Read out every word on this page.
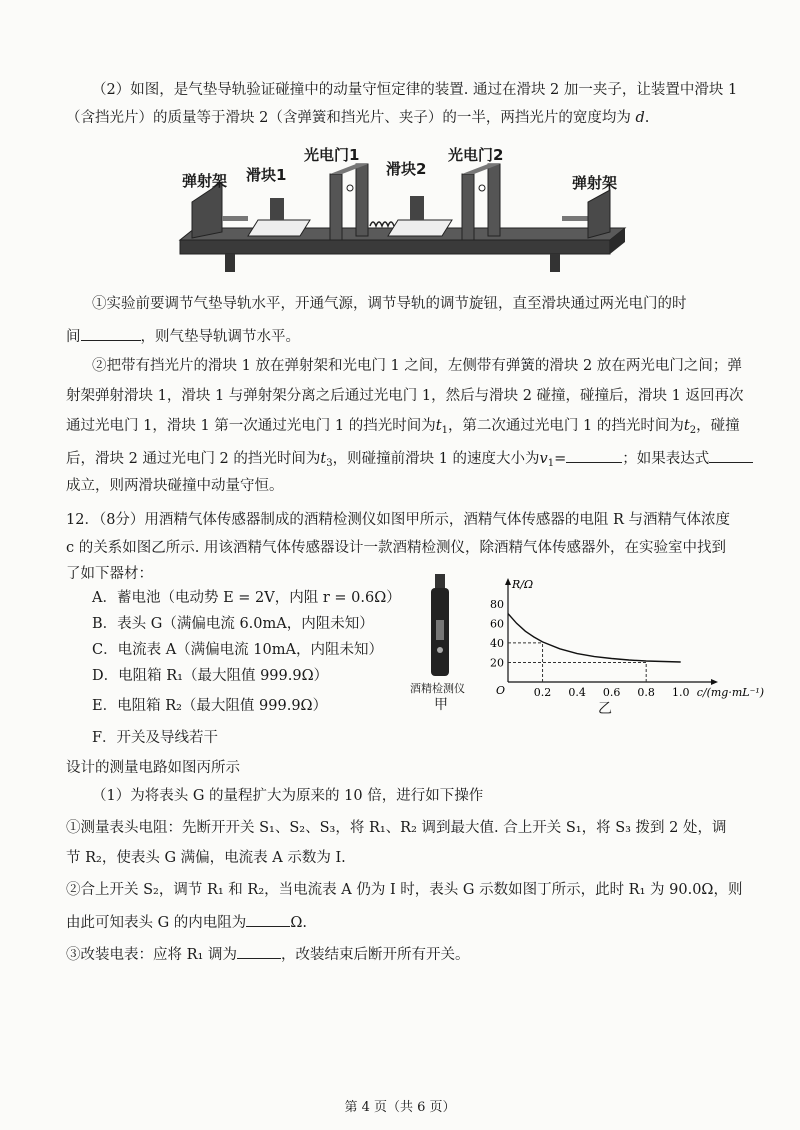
（2）如图，是气垫导轨验证碰撞中的动量守恒定律的装置. 通过在滑块 2 加一夹子，让装置中滑块 1
（含挡光片）的质量等于滑块 2（含弹簧和挡光片、夹子）的一半，两挡光片的宽度均为 d.
弹射架 滑块1
光电门1
滑块2
光电门2
弹射架
①实验前要调节气垫导轨水平，开通气源，调节导轨的调节旋钮，直至滑块通过两光电门的时
间	，则气垫导轨调节水平。
②把带有挡光片的滑块 1 放在弹射架和光电门 1 之间，左侧带有弹簧的滑块 2 放在两光电门之间；弹
射架弹射滑块 1，滑块 1 与弹射架分离之后通过光电门 1，然后与滑块 2 碰撞，碰撞后，滑块 1 返回再次
通过光电门 1，滑块 1 第一次通过光电门 1 的挡光时间为$t_1$，第二次通过光电门 1 的挡光时间为$t_2$，碰撞
后，滑块 2 通过光电门 2 的挡光时间为$t_3$，则碰撞前滑块 1 的速度大小为$v_1=$	；如果表达式
成立，则两滑块碰撞中动量守恒。
12．（8分）用酒精气体传感器制成的酒精检测仪如图甲所示，酒精气体传感器的电阻 R 与酒精气体浓度
c 的关系如图乙所示. 用该酒精气体传感器设计一款酒精检测仪，除酒精气体传感器外，在实验室中找到
了如下器材：
A．蓄电池（电动势 E = 2V，内阻 r = 0.6Ω）
B．表头 G（满偏电流 6.0mA，内阻未知）
C．电流表 A（满偏电流 10mA，内阻未知）
D．电阻箱 R₁（最大阻值 999.9Ω）
E．电阻箱 R₂（最大阻值 999.9Ω）
F．开关及导线若干
酒精检测仪
甲
R/Ω
c/(mg·mL⁻¹)
O
20
40
60
80
0.2 0.4 0.6 0.8 1.0
乙
设计的测量电路如图丙所示
（1）为将表头 G 的量程扩大为原来的 10 倍，进行如下操作
①测量表头电阻：先断开开关 S₁、S₂、S₃，将 R₁、R₂ 调到最大值. 合上开关 S₁，将 S₃ 拨到 2 处，调
节 R₂，使表头 G 满偏，电流表 A 示数为 I.
②合上开关 S₂，调节 R₁ 和 R₂，当电流表 A 仍为 I 时，表头 G 示数如图丁所示，此时 R₁ 为 90.0Ω，则
由此可知表头 G 的内电阻为	Ω.
③改装电表：应将 R₁ 调为	，改装结束后断开所有开关。
第 4 页（共 6 页）
